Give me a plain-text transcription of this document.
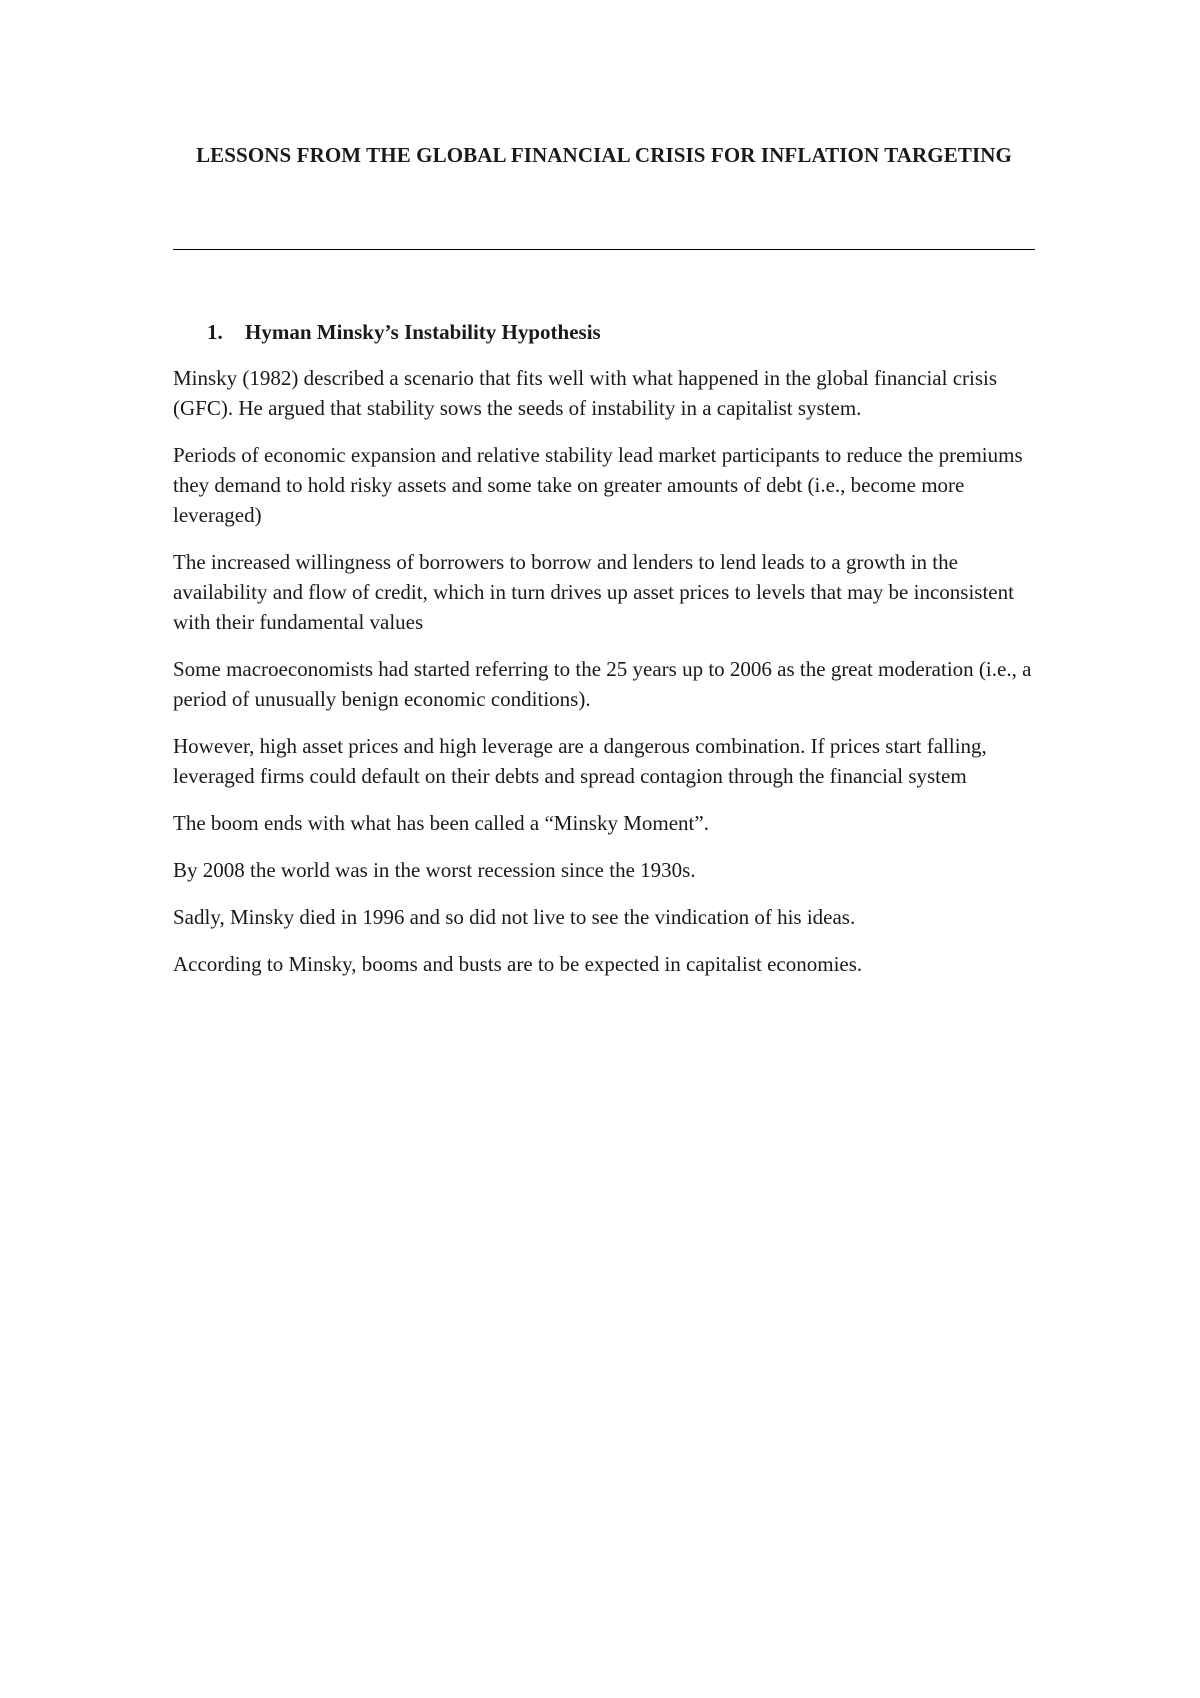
LESSONS FROM THE GLOBAL FINANCIAL CRISIS FOR INFLATION TARGETING
1. Hyman Minsky’s Instability Hypothesis

Minsky (1982) described a scenario that fits well with what happened in the global financial crisis (GFC). He argued that stability sows the seeds of instability in a capitalist system.

Periods of economic expansion and relative stability lead market participants to reduce the premiums they demand to hold risky assets and some take on greater amounts of debt (i.e., become more leveraged)

The increased willingness of borrowers to borrow and lenders to lend leads to a growth in the availability and flow of credit, which in turn drives up asset prices to levels that may be inconsistent with their fundamental values

Some macroeconomists had started referring to the 25 years up to 2006 as the great moderation (i.e., a period of unusually benign economic conditions).

However, high asset prices and high leverage are a dangerous combination. If prices start falling, leveraged firms could default on their debts and spread contagion through the financial system

The boom ends with what has been called a “Minsky Moment”.

By 2008 the world was in the worst recession since the 1930s.

Sadly, Minsky died in 1996 and so did not live to see the vindication of his ideas.

According to Minsky, booms and busts are to be expected in capitalist economies.
